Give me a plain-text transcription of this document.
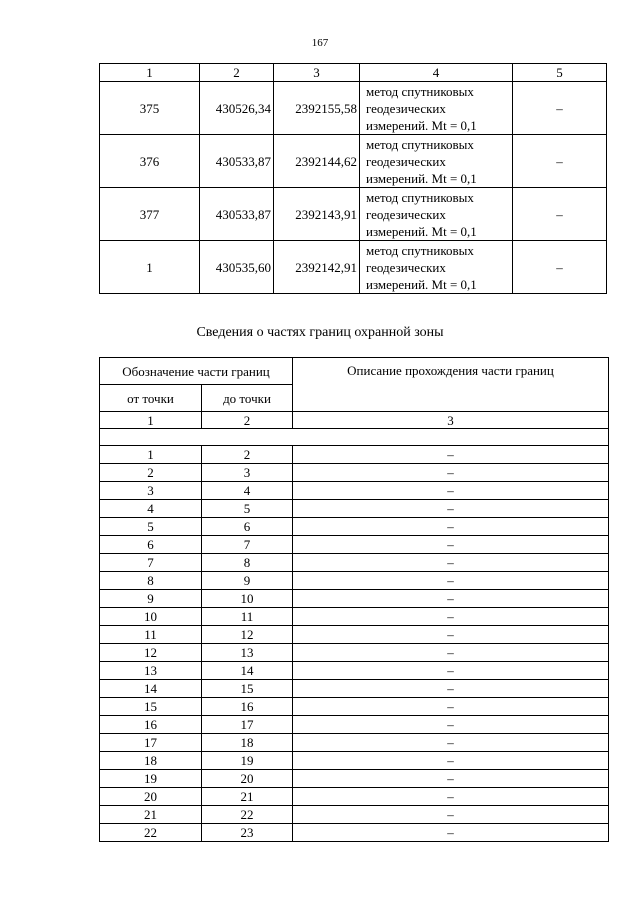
167
1	2	3	4	5
375	430526,34	2392155,58	метод спутниковых
геодезических
измерений. Mt = 0,1	–
376	430533,87	2392144,62	метод спутниковых
геодезических
измерений. Mt = 0,1	–
377	430533,87	2392143,91	метод спутниковых
геодезических
измерений. Mt = 0,1	–
1	430535,60	2392142,91	метод спутниковых
геодезических
измерений. Mt = 0,1	–
Сведения о частях границ охранной зоны
Обозначение части границ		Описание прохождения части границ
от точки	до точки	
1	2	3

1	2	–
2	3	–
3	4	–
4	5	–
5	6	–
6	7	–
7	8	–
8	9	–
9	10	–
10	11	–
11	12	–
12	13	–
13	14	–
14	15	–
15	16	–
16	17	–
17	18	–
18	19	–
19	20	–
20	21	–
21	22	–
22	23	–
